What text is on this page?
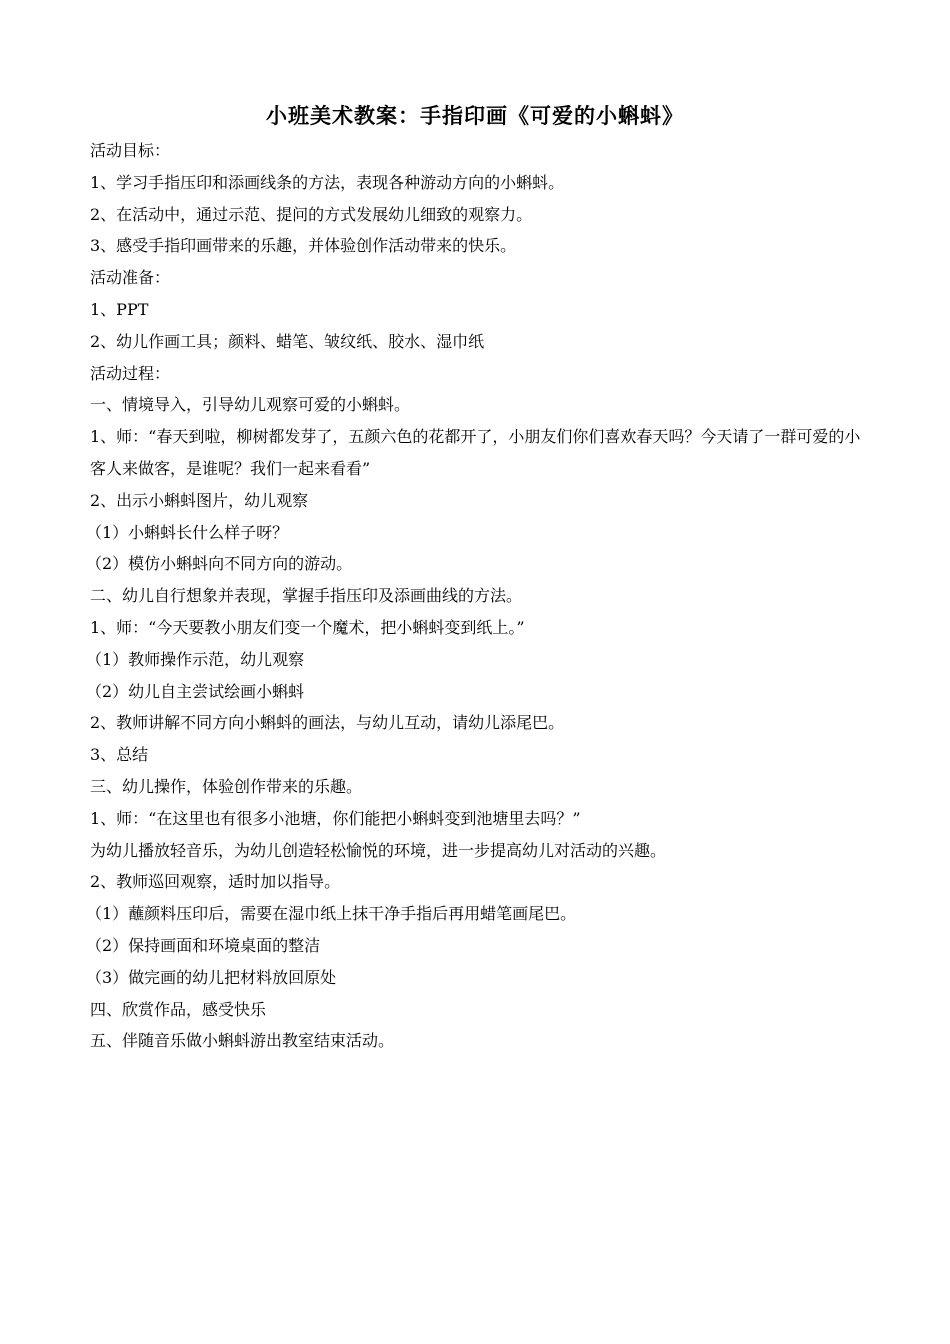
小班美术教案：手指印画《可爱的小蝌蚪》

活动目标：

1、学习手指压印和添画线条的方法，表现各种游动方向的小蝌蚪。

2、在活动中，通过示范、提问的方式发展幼儿细致的观察力。

3、感受手指印画带来的乐趣，并体验创作活动带来的快乐。

活动准备：

1、PPT

2、幼儿作画工具；颜料、蜡笔、皱纹纸、胶水、湿巾纸

活动过程：

一、情境导入，引导幼儿观察可爱的小蝌蚪。

1、师：“春天到啦，柳树都发芽了，五颜六色的花都开了，小朋友们你们喜欢春天吗？今天请了一群可爱的小客人来做客，是谁呢？我们一起来看看”

2、出示小蝌蚪图片，幼儿观察

（1）小蝌蚪长什么样子呀？

（2）模仿小蝌蚪向不同方向的游动。

二、幼儿自行想象并表现，掌握手指压印及添画曲线的方法。

1、师：“今天要教小朋友们变一个魔术，把小蝌蚪变到纸上。”

（1）教师操作示范，幼儿观察

（2）幼儿自主尝试绘画小蝌蚪

2、教师讲解不同方向小蝌蚪的画法，与幼儿互动，请幼儿添尾巴。

3、总结

三、幼儿操作，体验创作带来的乐趣。

1、师：“在这里也有很多小池塘，你们能把小蝌蚪变到池塘里去吗？”

为幼儿播放轻音乐，为幼儿创造轻松愉悦的环境，进一步提高幼儿对活动的兴趣。

2、教师巡回观察，适时加以指导。

（1）蘸颜料压印后，需要在湿巾纸上抹干净手指后再用蜡笔画尾巴。

（2）保持画面和环境桌面的整洁

（3）做完画的幼儿把材料放回原处

四、欣赏作品，感受快乐

五、伴随音乐做小蝌蚪游出教室结束活动。
